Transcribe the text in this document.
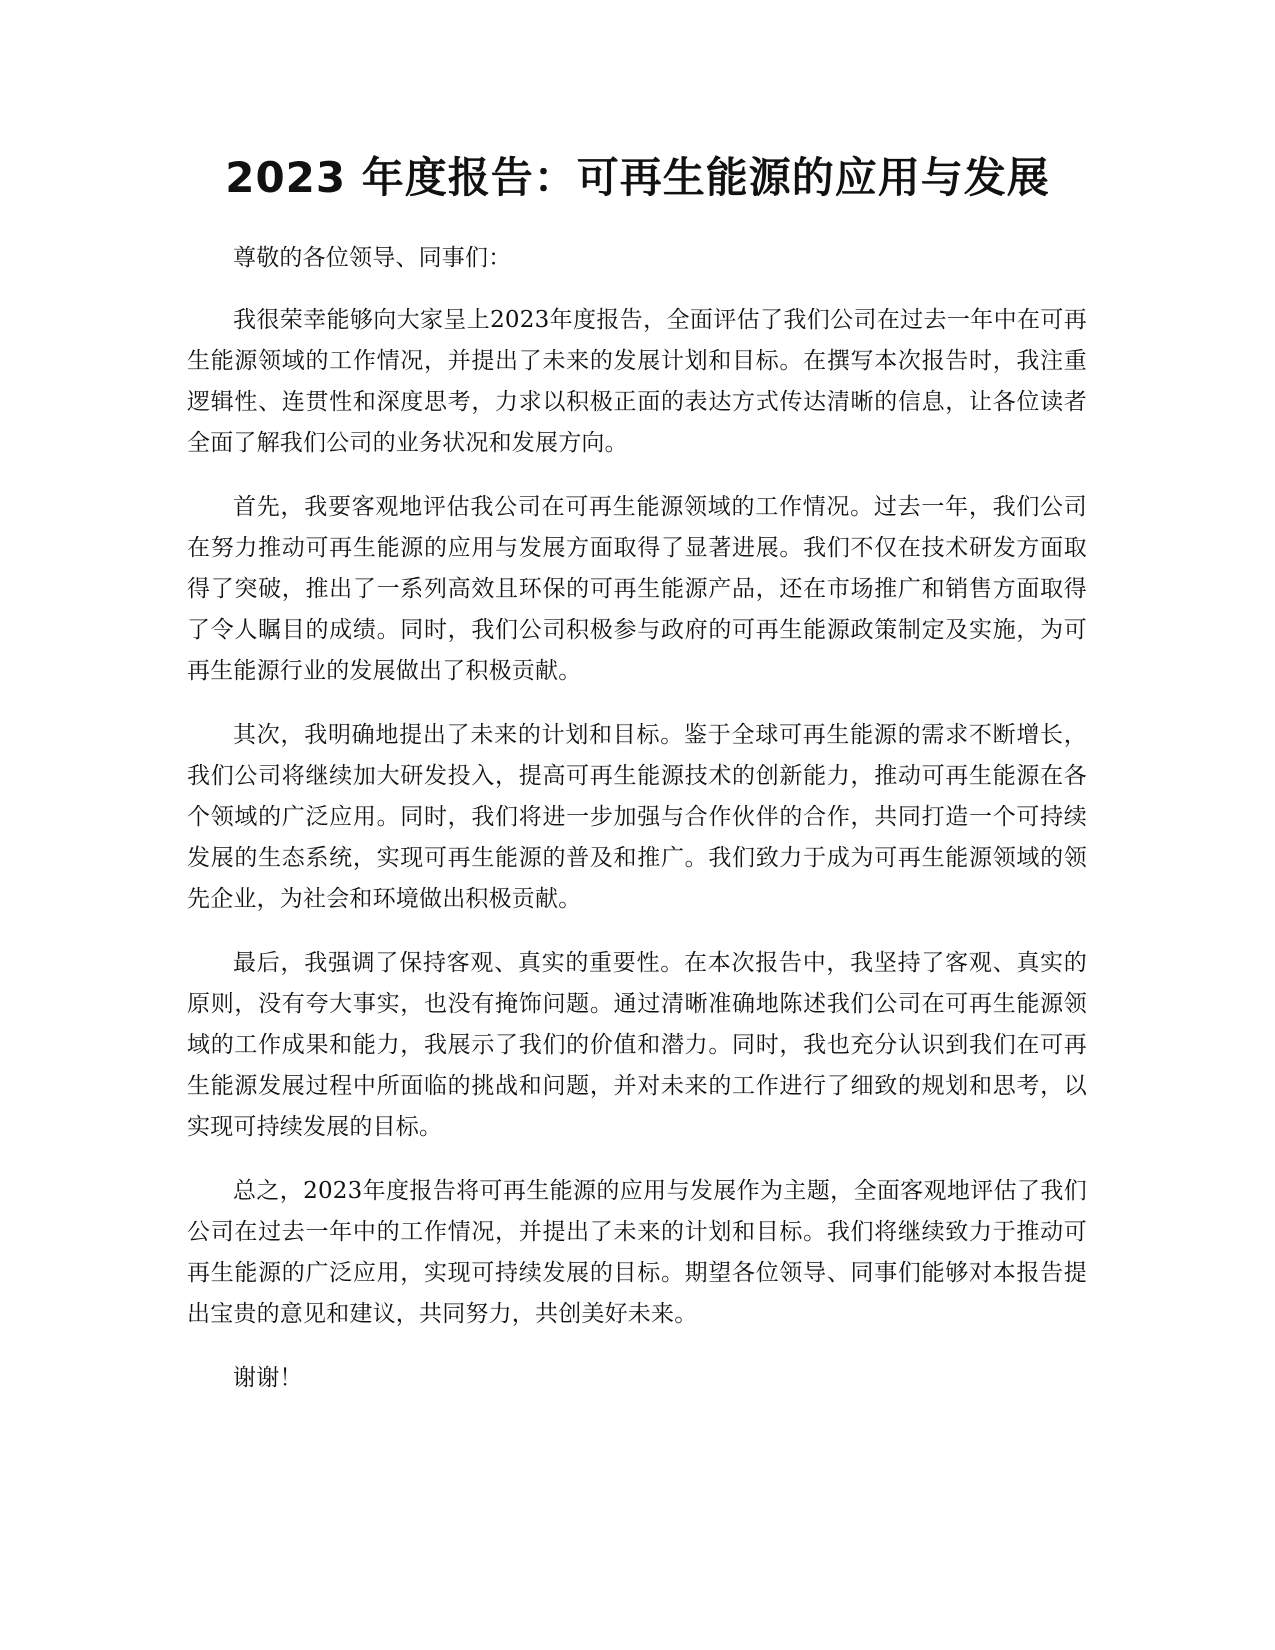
2023 年度报告：可再生能源的应用与发展

尊敬的各位领导、同事们：

我很荣幸能够向大家呈上2023年度报告，全面评估了我们公司在过去一年中在可再生能源领域的工作情况，并提出了未来的发展计划和目标。在撰写本次报告时，我注重逻辑性、连贯性和深度思考，力求以积极正面的表达方式传达清晰的信息，让各位读者全面了解我们公司的业务状况和发展方向。

首先，我要客观地评估我公司在可再生能源领域的工作情况。过去一年，我们公司在努力推动可再生能源的应用与发展方面取得了显著进展。我们不仅在技术研发方面取得了突破，推出了一系列高效且环保的可再生能源产品，还在市场推广和销售方面取得了令人瞩目的成绩。同时，我们公司积极参与政府的可再生能源政策制定及实施，为可再生能源行业的发展做出了积极贡献。

其次，我明确地提出了未来的计划和目标。鉴于全球可再生能源的需求不断增长，我们公司将继续加大研发投入，提高可再生能源技术的创新能力，推动可再生能源在各个领域的广泛应用。同时，我们将进一步加强与合作伙伴的合作，共同打造一个可持续发展的生态系统，实现可再生能源的普及和推广。我们致力于成为可再生能源领域的领先企业，为社会和环境做出积极贡献。

最后，我强调了保持客观、真实的重要性。在本次报告中，我坚持了客观、真实的原则，没有夸大事实，也没有掩饰问题。通过清晰准确地陈述我们公司在可再生能源领域的工作成果和能力，我展示了我们的价值和潜力。同时，我也充分认识到我们在可再生能源发展过程中所面临的挑战和问题，并对未来的工作进行了细致的规划和思考，以实现可持续发展的目标。

总之，2023年度报告将可再生能源的应用与发展作为主题，全面客观地评估了我们公司在过去一年中的工作情况，并提出了未来的计划和目标。我们将继续致力于推动可再生能源的广泛应用，实现可持续发展的目标。期望各位领导、同事们能够对本报告提出宝贵的意见和建议，共同努力，共创美好未来。

谢谢！
